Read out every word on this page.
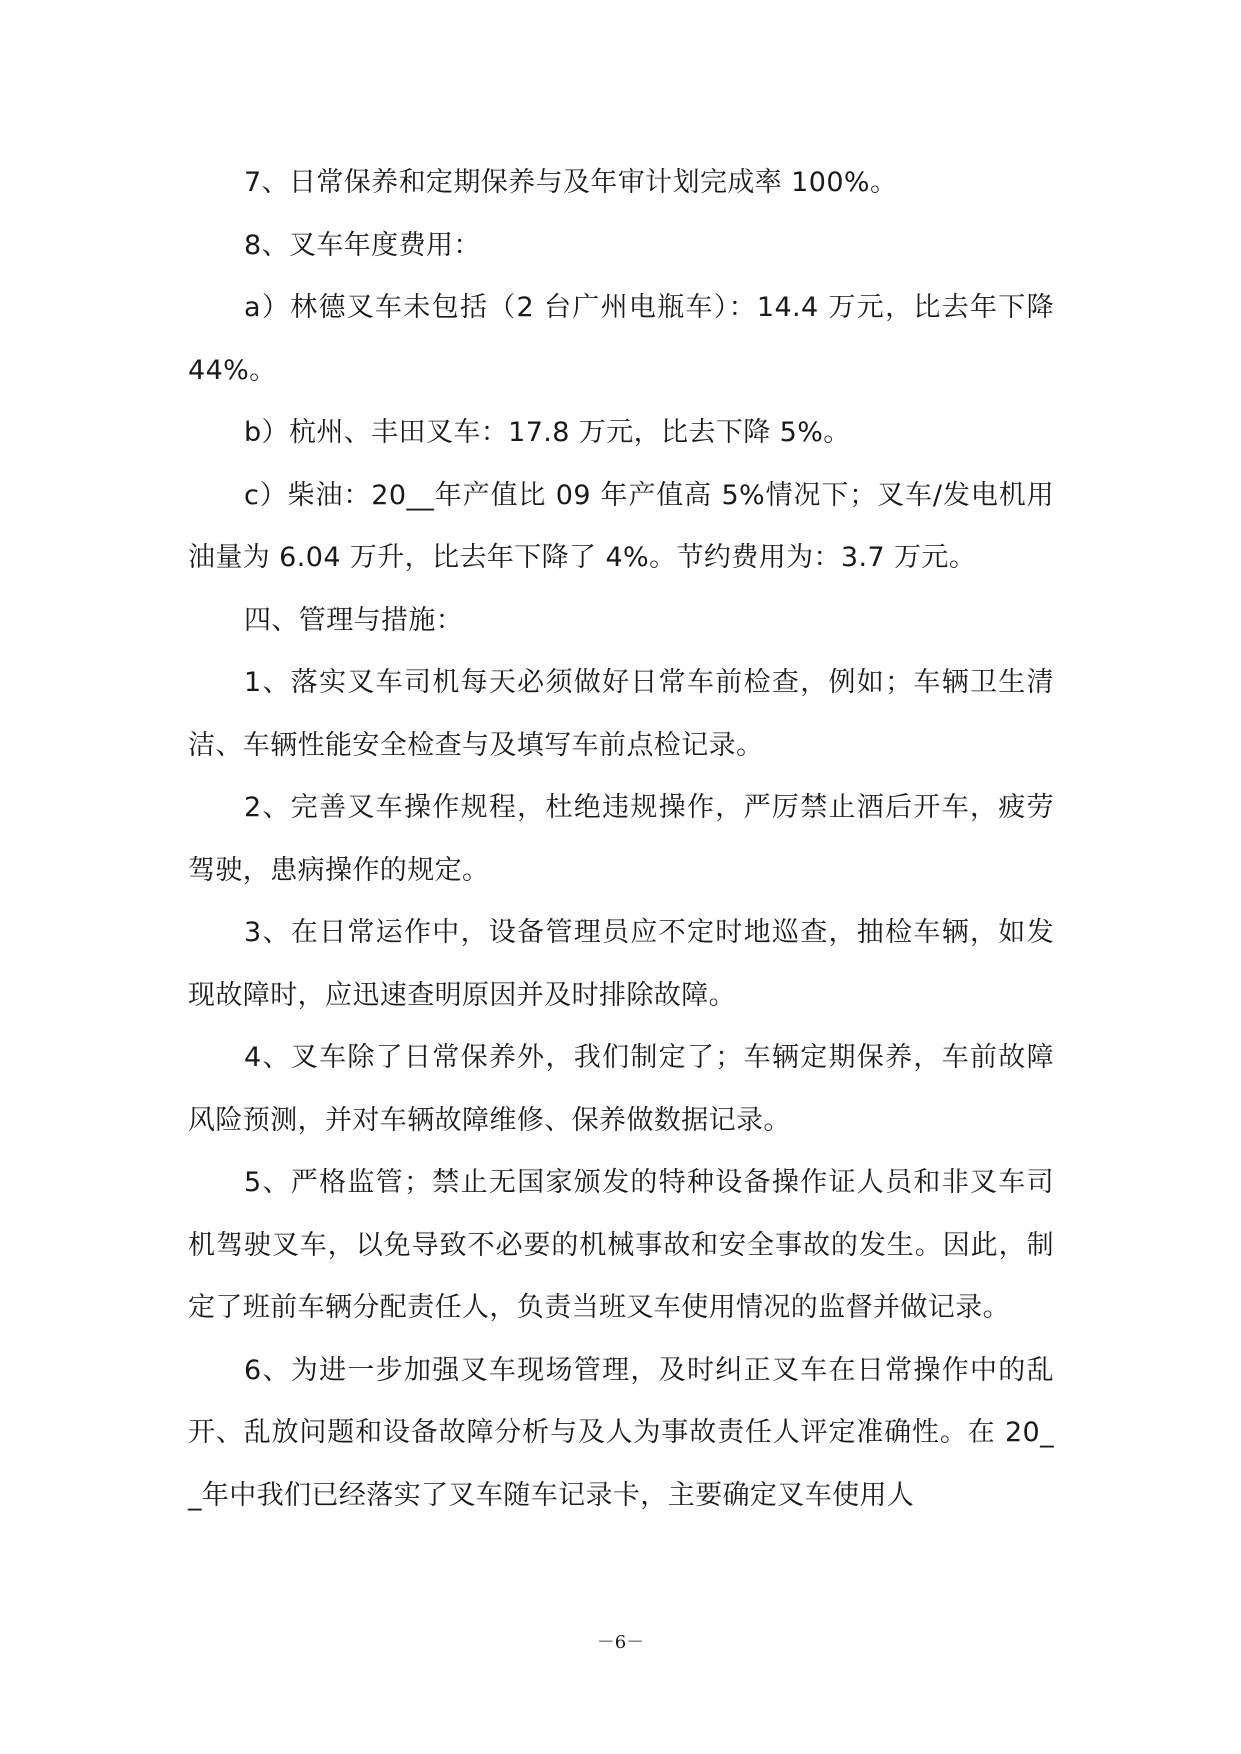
7、日常保养和定期保养与及年审计划完成率 100%。

8、叉车年度费用：

a）林德叉车未包括（2 台广州电瓶车）：14.4 万元，比去年下降 44%。

b）杭州、丰田叉车：17.8 万元，比去下降 5%。

c）柴油：20__年产值比 09 年产值高 5%情况下；叉车/发电机用油量为 6.04 万升，比去年下降了 4%。节约费用为：3.7 万元。

四、管理与措施：

1、落实叉车司机每天必须做好日常车前检查，例如；车辆卫生清洁、车辆性能安全检查与及填写车前点检记录。

2、完善叉车操作规程，杜绝违规操作，严厉禁止酒后开车，疲劳驾驶，患病操作的规定。

3、在日常运作中，设备管理员应不定时地巡查，抽检车辆，如发现故障时，应迅速查明原因并及时排除故障。

4、叉车除了日常保养外，我们制定了；车辆定期保养，车前故障风险预测，并对车辆故障维修、保养做数据记录。

5、严格监管；禁止无国家颁发的特种设备操作证人员和非叉车司机驾驶叉车，以免导致不必要的机械事故和安全事故的发生。因此，制定了班前车辆分配责任人，负责当班叉车使用情况的监督并做记录。

6、为进一步加强叉车现场管理，及时纠正叉车在日常操作中的乱开、乱放问题和设备故障分析与及人为事故责任人评定准确性。在 20__年中我们已经落实了叉车随车记录卡，主要确定叉车使用人

－6－
